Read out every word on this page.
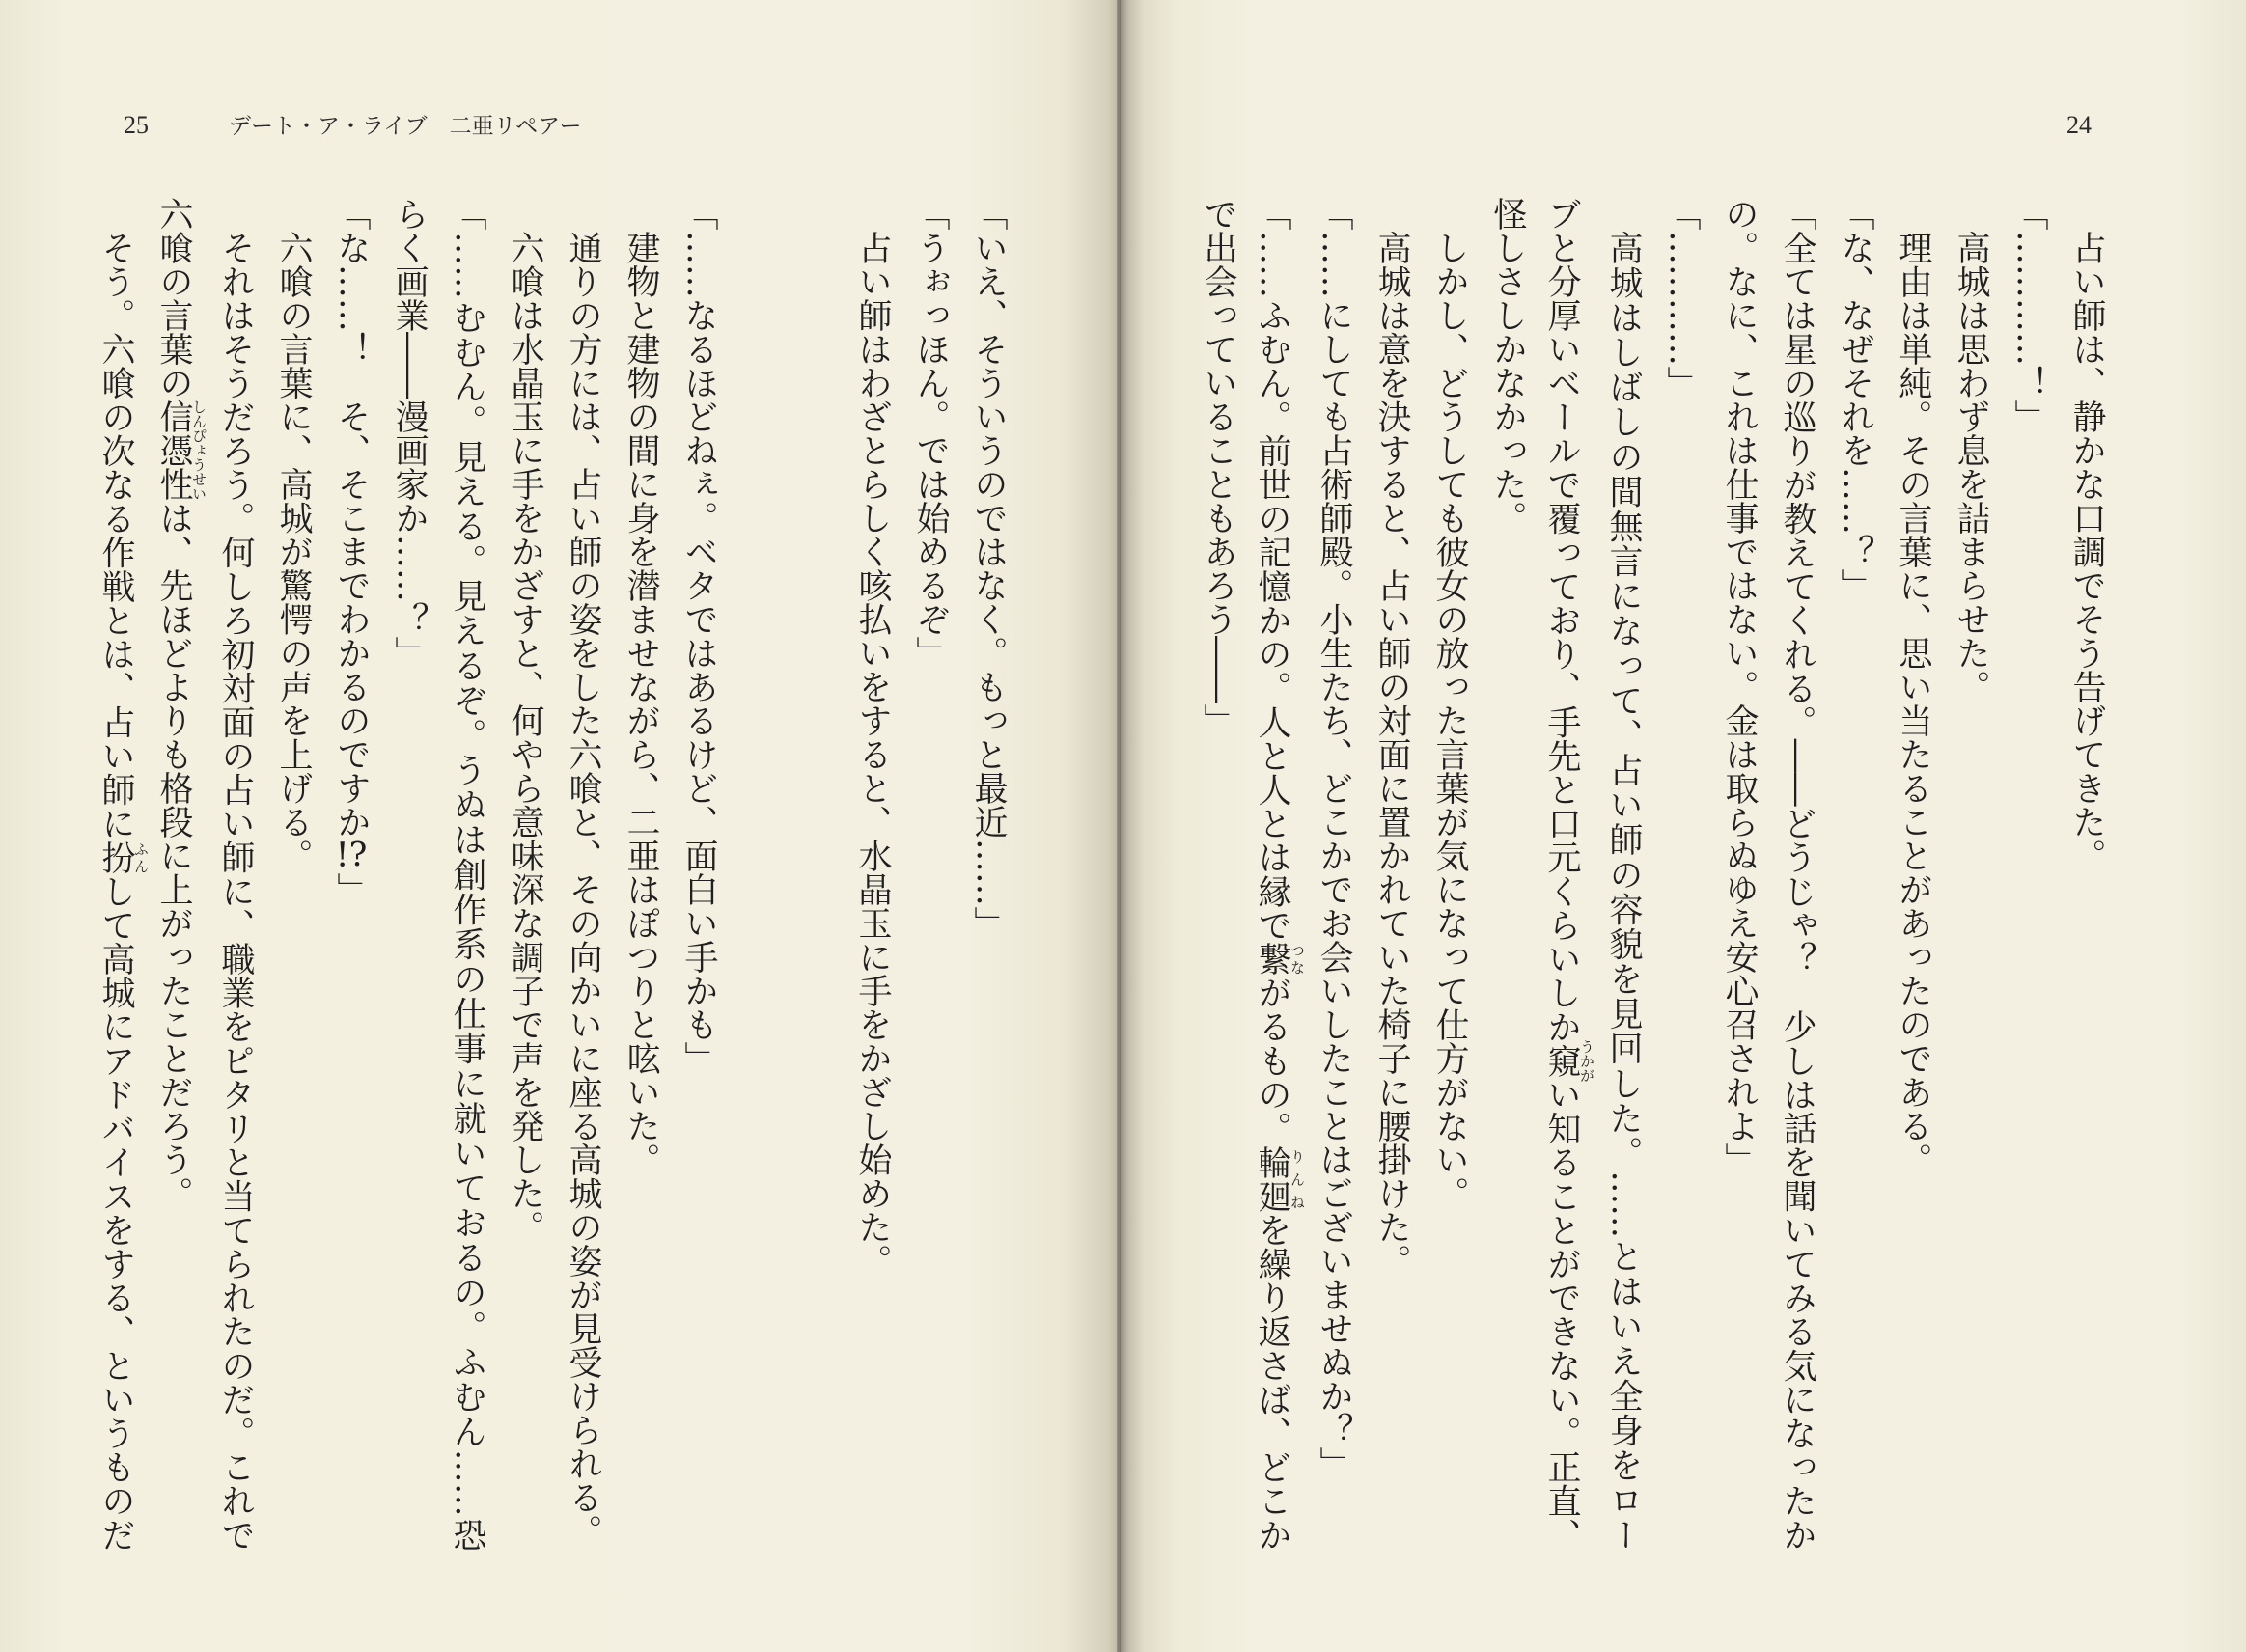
25	デート・ア・ライブ　二亜リペアー
「いえ、そういうのではなく。もっと最近……」
「うぉっほん。では始めるぞ」
占い師はわざとらしく咳払いをすると、水晶玉に手をかざし始めた。
「……なるほどねぇ。ベタではあるけど、面白い手かも」
建物と建物の間に身を潜ませながら、二亜はぽつりと呟いた。
通りの方には、占い師の姿をした六喰と、その向かいに座る高城の姿が見受けられる。
六喰は水晶玉に手をかざすと、何やら意味深な調子で声を発した。
「……むむん。見える。見えるぞ。うぬは創作系の仕事に就いておるの。ふむん……恐
らく画業――漫画家か……？」
「な……！　そ、そこまでわかるのですか!?」
六喰の言葉に、高城が驚愕の声を上げる。
それはそうだろう。何しろ初対面の占い師に、職業をピタリと当てられたのだ。これで
六喰の言葉の信憑性しんぴょうせいは、先ほどよりも格段に上がったことだろう。
そう。六喰の次なる作戦とは、占い師に扮ふんして高城にアドバイスをする、というものだ
24
占い師は、静かな口調でそう告げてきた。
「…………！」
高城は思わず息を詰まらせた。
理由は単純。その言葉に、思い当たることがあったのである。
「な、なぜそれを……？」
「全ては星の巡りが教えてくれる。――どうじゃ？　少しは話を聞いてみる気になったか
の。なに、これは仕事ではない。金は取らぬゆえ安心召されよ」
「…………」
高城はしばしの間無言になって、占い師の容貌を見回した。……とはいえ全身をロー
ブと分厚いベールで覆っており、手先と口元くらいしか窺うかがい知ることができない。正直、
怪しさしかなかった。
しかし、どうしても彼女の放った言葉が気になって仕方がない。
高城は意を決すると、占い師の対面に置かれていた椅子に腰掛けた。
「……にしても占術師殿。小生たち、どこかでお会いしたことはございませぬか？」
「……ふむん。前世の記憶かの。人と人とは縁で繋つながるもの。輪廻りんねを繰り返さば、どこか
で出会っていることもあろう――」
